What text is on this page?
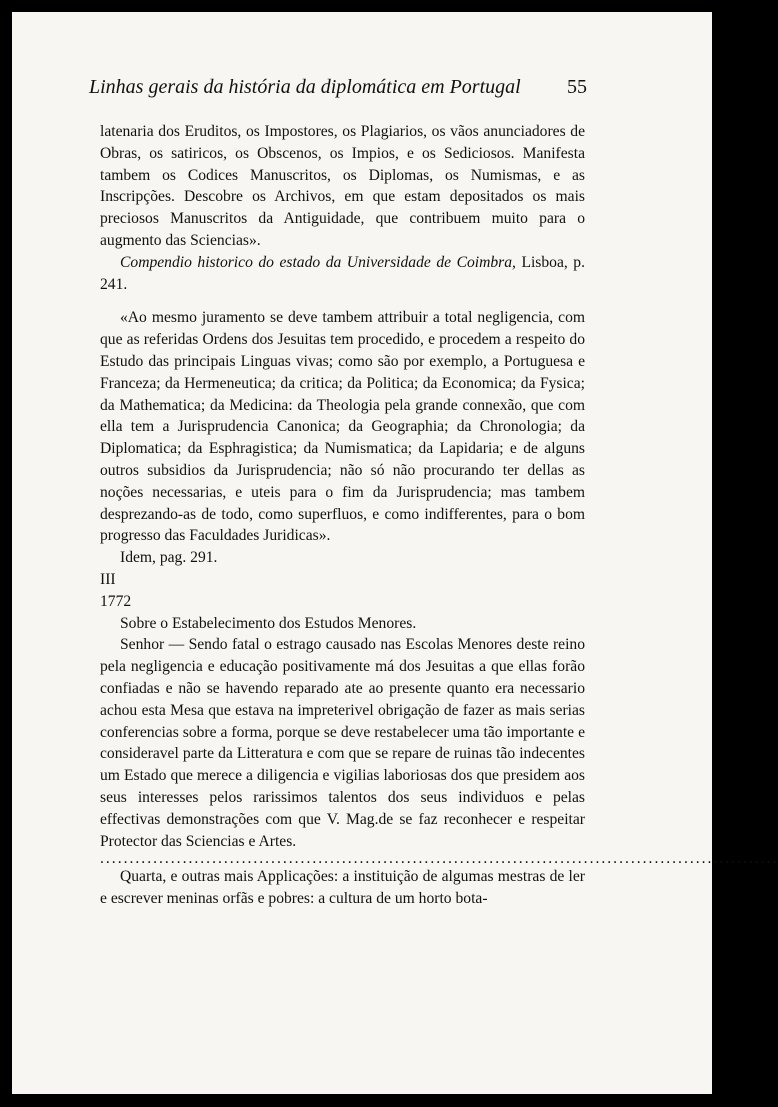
Linhas gerais da história da diplomática em Portugal 55

latenaria dos Eruditos, os Impostores, os Plagiarios, os vãos anunciadores de Obras, os satiricos, os Obscenos, os Impios, e os Sediciosos. Manifesta tambem os Codices Manuscritos, os Diplomas, os Numismas, e as Inscripções. Descobre os Archivos, em que estam depositados os mais preciosos Manuscritos da Antiguidade, que contribuem muito para o augmento das Sciencias».

Compendio historico do estado da Universidade de Coimbra, Lisboa, p. 241.

«Ao mesmo juramento se deve tambem attribuir a total negligencia, com que as referidas Ordens dos Jesuitas tem procedido, e procedem a respeito do Estudo das principais Linguas vivas; como são por exemplo, a Portuguesa e Franceza; da Hermeneutica; da critica; da Politica; da Economica; da Fysica; da Mathematica; da Medicina: da Theologia pela grande connexão, que com ella tem a Jurisprudencia Canonica; da Geographia; da Chronologia; da Diplomatica; da Esphragistica; da Numismatica; da Lapidaria; e de alguns outros subsidios da Jurisprudencia; não só não procurando ter dellas as noções necessarias, e uteis para o fim da Jurisprudencia; mas tambem desprezando-as de todo, como superfluos, e como indifferentes, para o bom progresso das Faculdades Juridicas».

Idem, pag. 291.

III

1772

Sobre o Estabelecimento dos Estudos Menores.

Senhor — Sendo fatal o estrago causado nas Escolas Menores deste reino pela negligencia e educação positivamente má dos Jesuitas a que ellas forão confiadas e não se havendo reparado ate ao presente quanto era necessario achou esta Mesa que estava na impreterivel obrigação de fazer as mais serias conferencias sobre a forma, porque se deve restabelecer uma tão importante e consideravel parte da Litteratura e com que se repare de ruinas tão indecentes um Estado que merece a diligencia e vigilias laboriosas dos que presidem aos seus interesses pelos rarissimos talentos dos seus individuos e pelas effectivas demonstrações com que V. Mag.de se faz reconhecer e respeitar Protector das Sciencias e Artes.

...................................................................................................................

Quarta, e outras mais Applicações: a instituição de algumas mestras de ler e escrever meninas orfãs e pobres: a cultura de um horto bota-
